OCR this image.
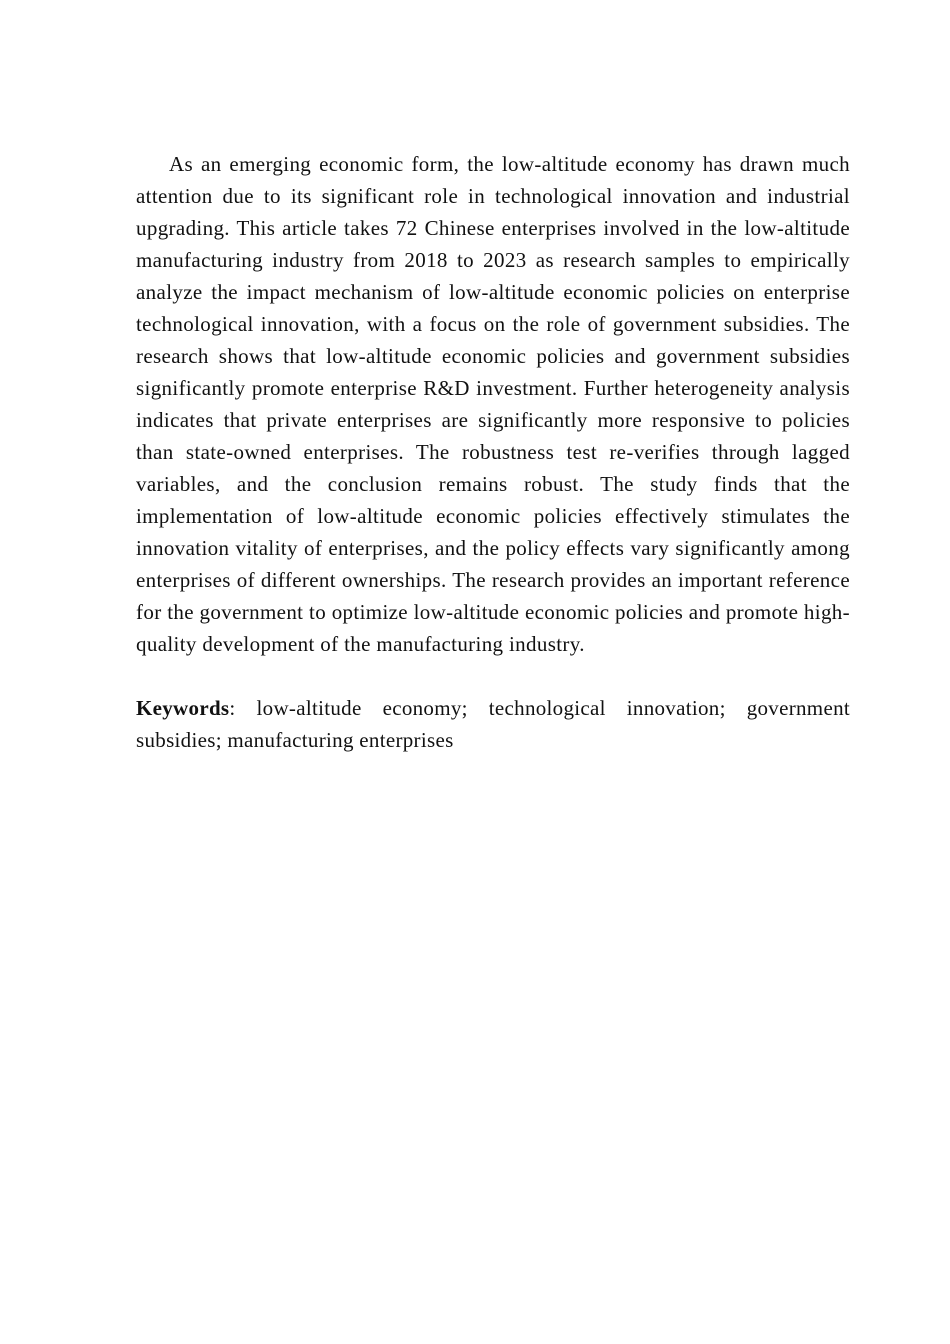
As an emerging economic form, the low-altitude economy has drawn much attention due to its significant role in technological innovation and industrial upgrading. This article takes 72 Chinese enterprises involved in the low-altitude manufacturing industry from 2018 to 2023 as research samples to empirically analyze the impact mechanism of low-altitude economic policies on enterprise technological innovation, with a focus on the role of government subsidies. The research shows that low-altitude economic policies and government subsidies significantly promote enterprise R&D investment. Further heterogeneity analysis indicates that private enterprises are significantly more responsive to policies than state-owned enterprises. The robustness test re-verifies through lagged variables, and the conclusion remains robust. The study finds that the implementation of low-altitude economic policies effectively stimulates the innovation vitality of enterprises, and the policy effects vary significantly among enterprises of different ownerships. The research provides an important reference for the government to optimize low-altitude economic policies and promote high-quality development of the manufacturing industry.

Keywords: low-altitude economy; technological innovation; government subsidies; manufacturing enterprises
